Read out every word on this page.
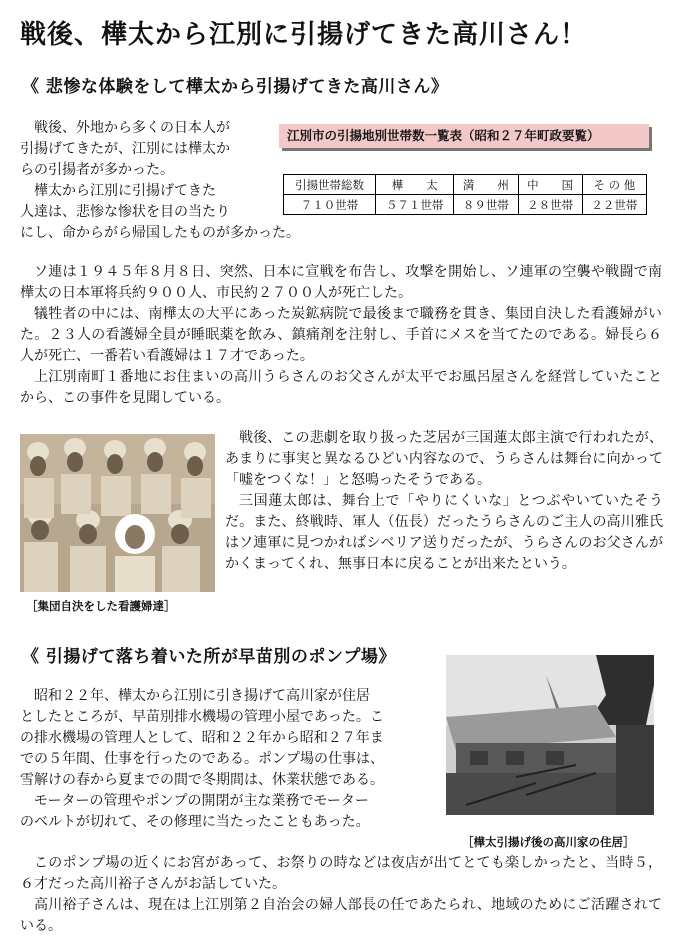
戦後、樺太から江別に引揚げてきた高川さん！
《 悲惨な体験をして樺太から引揚げてきた高川さん》
戦後、外地から多くの日本人が
引揚げてきたが、江別には樺太か
らの引揚者が多かった。
樺太から江別に引揚げてきた
人達は、悲惨な惨状を目の当たり
にし、命からがら帰国したものが多かった。
江別市の引揚地別世帯数一覧表（昭和２７年町政要覧）
引揚世帯総数	樺　　太	満　　州	中　　国	そ の 他
７１０世帯	５７１世帯	８９世帯	２８世帯	２２世帯

ソ連は１９４５年８月８日、突然、日本に宣戦を布告し、攻撃を開始し、ソ連軍の空襲や戦闘で南樺太の日本軍将兵約９００人、市民約２７００人が死亡した。

犠牲者の中には、南樺太の大平にあった炭鉱病院で最後まで職務を貫き、集団自決した看護婦がいた。２３人の看護婦全員が睡眠薬を飲み、鎮痛剤を注射し、手首にメスを当てたのである。婦長ら６人が死亡、一番若い看護婦は１７才であった。

上江別南町１番地にお住まいの高川うらさんのお父さんが太平でお風呂屋さんを経営していたことから、この事件を見聞している。

［集団自決をした看護婦達］

戦後、この悲劇を取り扱った芝居が三国蓮太郎主演で行われたが、あまりに事実と異なるひどい内容なので、うらさんは舞台に向かって「嘘をつくな！」と怒鳴ったそうである。

三国蓮太郎は、舞台上で「やりにくいな」とつぶやいていたそうだ。また、終戦時、軍人（伍長）だったうらさんのご主人の高川雅氏はソ連軍に見つかればシベリア送りだったが、うらさんのお父さんがかくまってくれ、無事日本に戻ることが出来たという。

《 引揚げて落ち着いた所が早苗別のポンプ場》
昭和２２年、樺太から江別に引き揚げて高川家が住居
としたところが、早苗別排水機場の管理小屋であった。こ
の排水機場の管理人として、昭和２２年から昭和２７年ま
での５年間、仕事を行ったのである。ポンプ場の仕事は、
雪解けの春から夏までの間で冬期間は、休業状態である。
モーターの管理やポンプの開閉が主な業務でモーター
のベルトが切れて、その修理に当たったこともあった。
［樺太引揚げ後の高川家の住居］

このポンプ場の近くにお宮があって、お祭りの時などは夜店が出てとても楽しかったと、当時５，６才だった高川裕子さんがお話していた。

高川裕子さんは、現在は上江別第２自治会の婦人部長の任であたられ、地域のためにご活躍されている。
